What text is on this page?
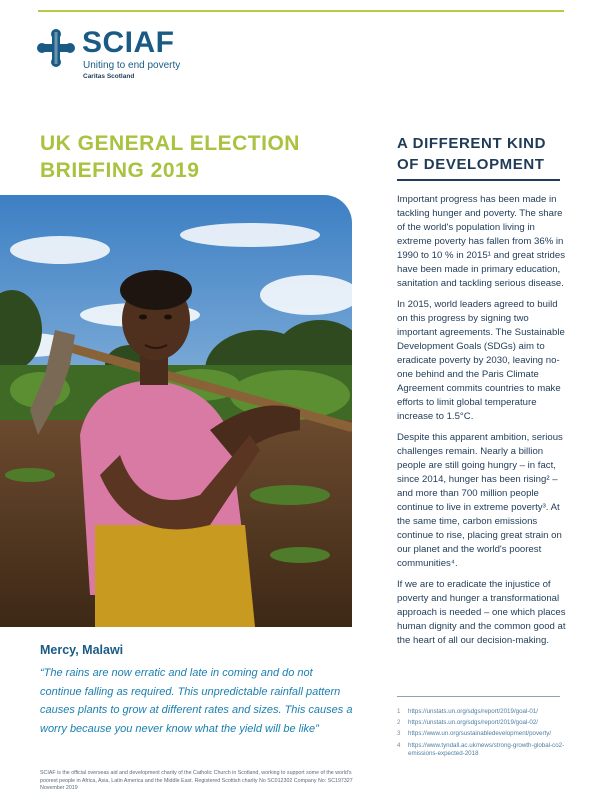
SCIAF
Uniting to end poverty
Caritas Scotland
UK GENERAL ELECTION BRIEFING 2019
Mercy, Malawi
“The rains are now erratic and late in coming and do not continue falling as required. This unpredictable rainfall pattern causes plants to grow at different rates and sizes. This causes a worry because you never know what the yield will be like”
SCIAF is the official overseas aid and development charity of the Catholic Church in Scotland, working to support some of the world's poorest people in Africa, Asia, Latin America and the Middle East. Registered Scottish charity No SC012302 Company No: SC197327 November 2019
A DIFFERENT KIND OF DEVELOPMENT

Important progress has been made in tackling hunger and poverty. The share of the world's population living in extreme poverty has fallen from 36% in 1990 to 10 % in 2015¹ and great strides have been made in primary education, sanitation and tackling serious disease.

In 2015, world leaders agreed to build on this progress by signing two important agreements. The Sustainable Development Goals (SDGs) aim to eradicate poverty by 2030, leaving no-one behind and the Paris Climate Agreement commits countries to make efforts to limit global temperature increase to 1.5°C.

Despite this apparent ambition, serious challenges remain. Nearly a billion people are still going hungry – in fact, since 2014, hunger has been rising² – and more than 700 million people continue to live in extreme poverty³. At the same time, carbon emissions continue to rise, placing great strain on our planet and the world's poorest communities⁴.

If we are to eradicate the injustice of poverty and hunger a transformational approach is needed – one which places human dignity and the common good at the heart of all our decision-making.

1 https://unstats.un.org/sdgs/report/2019/goal-01/
2 https://unstats.un.org/sdgs/report/2019/goal-02/
3 https://www.un.org/sustainabledevelopment/poverty/
4 https://www.tyndall.ac.uk/news/strong-growth-global-co2-emissions-expected-2018
